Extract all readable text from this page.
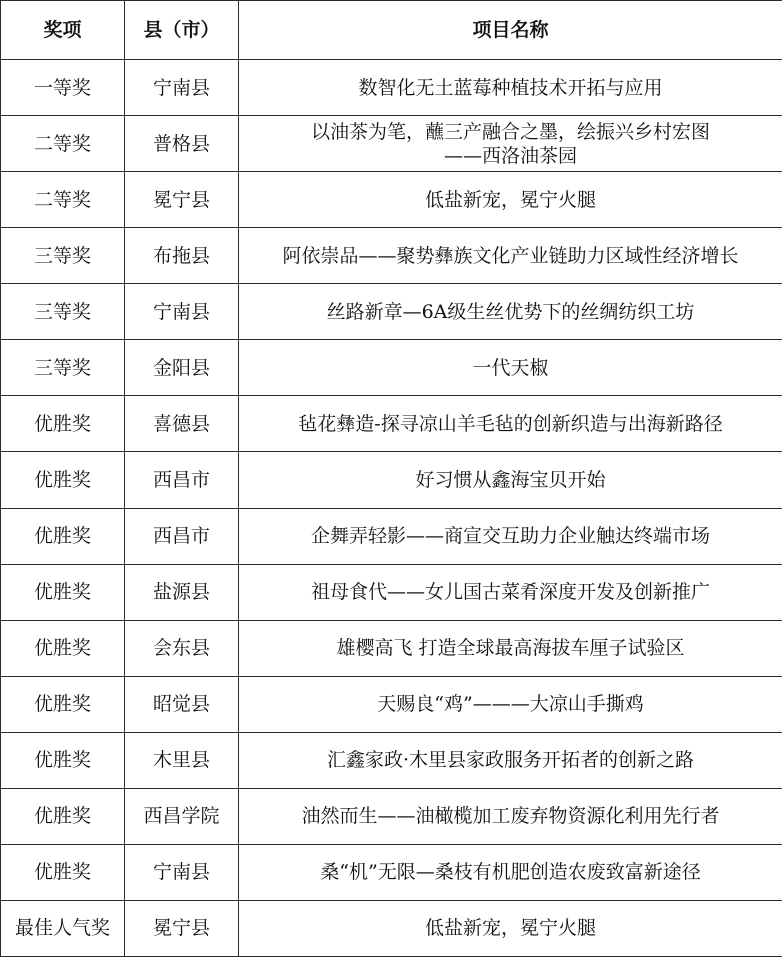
奖项	县（市）	项目名称
一等奖	宁南县	数智化无土蓝莓种植技术开拓与应用

二等奖	普格县	以油茶为笔，蘸三产融合之墨，绘振兴乡村宏图
——西洛油茶园

二等奖	冕宁县	低盐新宠，冕宁火腿

三等奖	布拖县	阿依崇品——聚势彝族文化产业链助力区域性经济增长

三等奖	宁南县	丝路新章—6A级生丝优势下的丝绸纺织工坊

三等奖	金阳县	一代天椒

优胜奖	喜德县	毡花彝造-探寻凉山羊毛毡的创新织造与出海新路径

优胜奖	西昌市	好习惯从鑫海宝贝开始

优胜奖	西昌市	企舞弄轻影——商宣交互助力企业触达终端市场

优胜奖	盐源县	祖母食代——女儿国古菜肴深度开发及创新推广

优胜奖	会东县	雄樱高飞 打造全球最高海拔车厘子试验区

优胜奖	昭觉县	天赐良“鸡”———大凉山手撕鸡

优胜奖	木里县	汇鑫家政·木里县家政服务开拓者的创新之路

优胜奖	西昌学院	油然而生——油橄榄加工废弃物资源化利用先行者

优胜奖	宁南县	桑“机”无限—桑枝有机肥创造农废致富新途径

最佳人气奖	冕宁县	低盐新宠，冕宁火腿
